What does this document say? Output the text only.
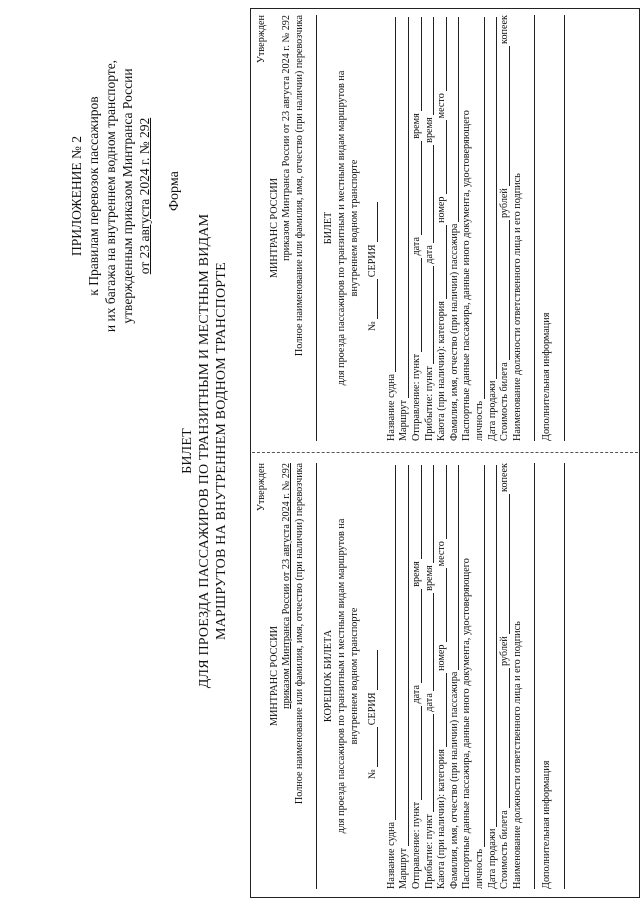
ПРИЛОЖЕНИЕ № 2 к Правилам перевозок пассажиров и их багажа на внутреннем водном транспорте, утвержденным приказом Минтранса России от 23 августа 2024 г. № 292 Форма
БИЛЕТ ДЛЯ ПРОЕЗДА ПАССАЖИРОВ ПО ТРАНЗИТНЫМ И МЕСТНЫМ ВИДАМ МАРШРУТОВ НА ВНУТРЕННЕМ ВОДНОМ ТРАНСПОРТЕ	Утвержден
МИНТРАНС РОССИИ приказом Минтранса России от 23 августа 2024 г. № 292 Полное наименование или фамилия, имя, отчество (при наличии) перевозчика КОРЕШОК БИЛЕТА для проезда пассажиров по транзитным и местным видам маршрутов на внутреннем водном транспорте
№
СЕРИЯ
Название судна Маршрут Отправление: пункт
дата
время
Прибытие: пункт
дата
время
Каюта (при наличии): категория
номер
место
Фамилия, имя, отчество (при наличии) пассажира Паспортные данные пассажира, данные иного документа, удостоверяющего личность Дата продажи Стоимость билета
рублей
копеек
Наименование должности ответственного лица и его подпись Дополнительная информация
Утвержден
МИНТРАНС РОССИИ приказом Минтранса России от 23 августа 2024 г. № 292 Полное наименование или фамилия, имя, отчество (при наличии) перевозчика БИЛЕТ для проезда пассажиров по транзитным и местным видам маршрутов на внутреннем водном транспорте
№
СЕРИЯ
Название судна Маршрут Отправление: пункт
дата
время
Прибытие: пункт
дата
время
Каюта (при наличии): категория
номер
место
Фамилия, имя, отчество (при наличии) пассажира Паспортные данные пассажира, данные иного документа, удостоверяющего личность Дата продажи Стоимость билета
рублей
копеек
Наименование должности ответственного лица и его подпись Дополнительная информация
